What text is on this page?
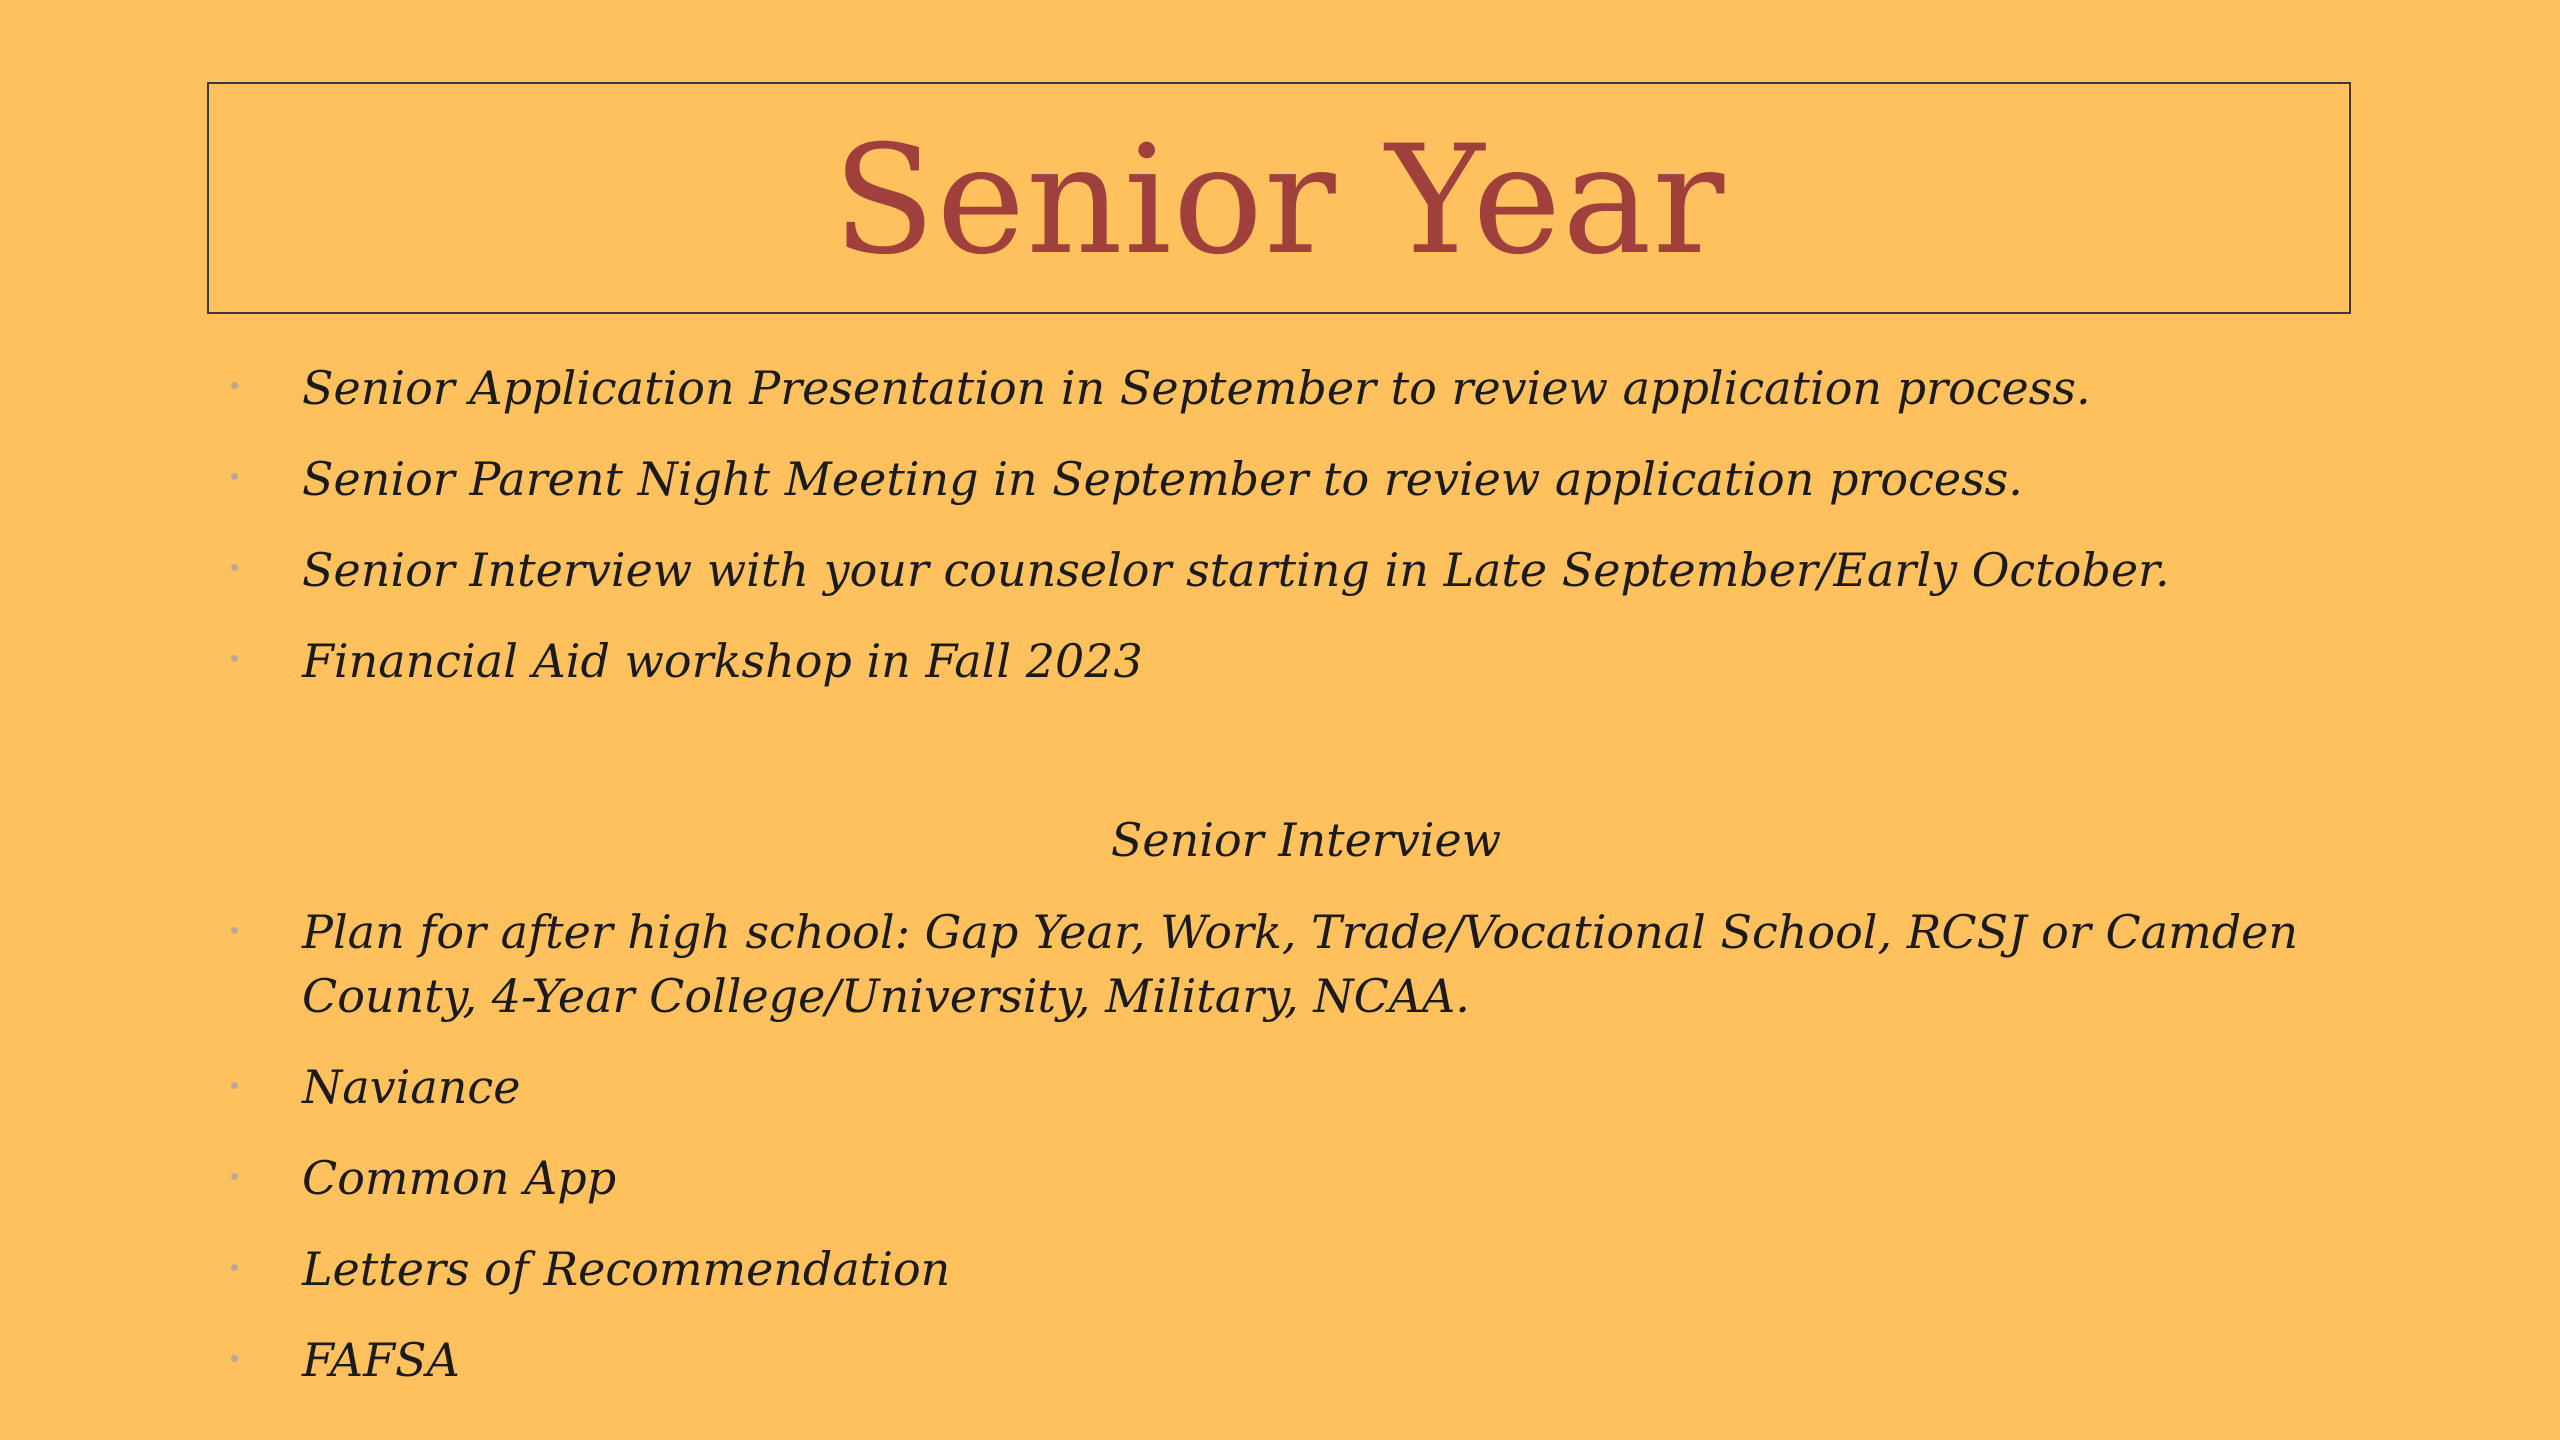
Senior Year
Senior Application Presentation in September to review application process.
Senior Parent Night Meeting in September to review application process.
Senior Interview with your counselor starting in Late September/Early October.
Financial Aid workshop in Fall 2023
Senior Interview
Plan for after high school: Gap Year, Work, Trade/Vocational School, RCSJ or Camden County, 4-Year College/University, Military, NCAA.
Naviance
Common App
Letters of Recommendation
FAFSA
